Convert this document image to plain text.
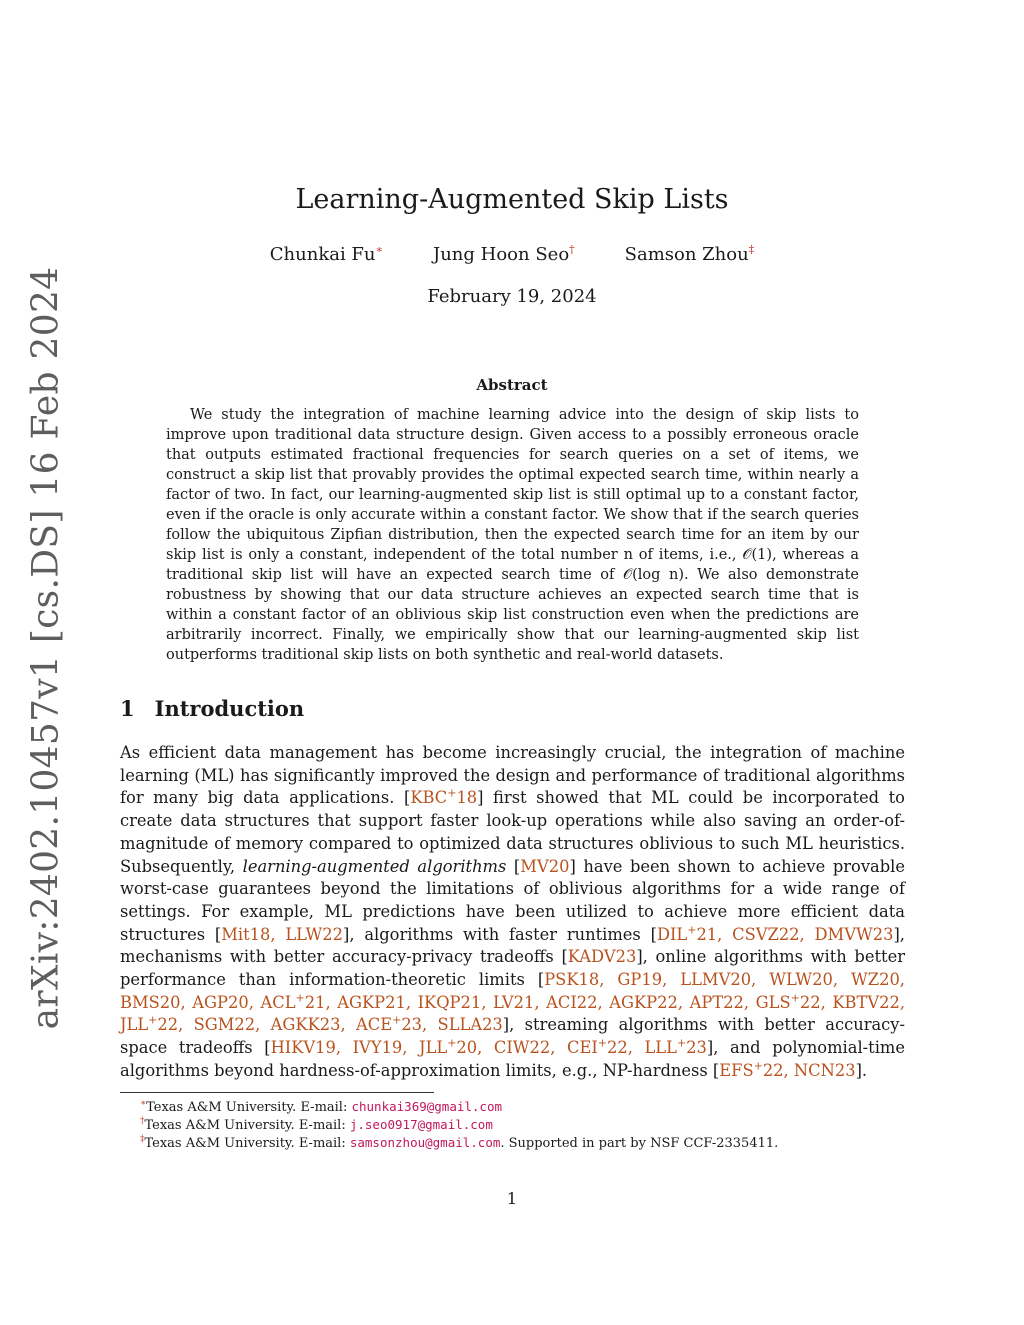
arXiv:2402.10457v1 [cs.DS] 16 Feb 2024
Learning-Augmented Skip Lists
Chunkai Fu∗	Jung Hoon Seo†	Samson Zhou‡
February 19, 2024
Abstract

We study the integration of machine learning advice into the design of skip lists to improve upon traditional data structure design. Given access to a possibly erroneous oracle that outputs estimated fractional frequencies for search queries on a set of items, we construct a skip list that provably provides the optimal expected search time, within nearly a factor of two. In fact, our learning-augmented skip list is still optimal up to a constant factor, even if the oracle is only accurate within a constant factor. We show that if the search queries follow the ubiquitous Zipfian distribution, then the expected search time for an item by our skip list is only a constant, independent of the total number n of items, i.e., 𝒪(1), whereas a traditional skip list will have an expected search time of 𝒪(log n). We also demonstrate robustness by showing that our data structure achieves an expected search time that is within a constant factor of an oblivious skip list construction even when the predictions are arbitrarily incorrect. Finally, we empirically show that our learning-augmented skip list outperforms traditional skip lists on both synthetic and real-world datasets.

1 Introduction

As efficient data management has become increasingly crucial, the integration of machine learning (ML) has significantly improved the design and performance of traditional algorithms for many big data applications. [KBC+18] first showed that ML could be incorporated to create data structures that support faster look-up operations while also saving an order-of-magnitude of memory compared to optimized data structures oblivious to such ML heuristics. Subsequently, learning-augmented algorithms [MV20] have been shown to achieve provable worst-case guarantees beyond the limitations of oblivious algorithms for a wide range of settings. For example, ML predictions have been utilized to achieve more efficient data structures [Mit18, LLW22], algorithms with faster runtimes [DIL+21, CSVZ22, DMVW23], mechanisms with better accuracy-privacy tradeoffs [KADV23], online algorithms with better performance than information-theoretic limits [PSK18, GP19, LLMV20, WLW20, WZ20, BMS20, AGP20, ACL+21, AGKP21, IKQP21, LV21, ACI22, AGKP22, APT22, GLS+22, KBTV22, JLL+22, SGM22, AGKK23, ACE+23, SLLA23], streaming algorithms with better accuracy-space tradeoffs [HIKV19, IVY19, JLL+20, CIW22, CEI+22, LLL+23], and polynomial-time algorithms beyond hardness-of-approximation limits, e.g., NP-hardness [EFS+22, NCN23].

∗Texas A&M University. E-mail: chunkai369@gmail.com
†Texas A&M University. E-mail: j.seo0917@gmail.com
‡Texas A&M University. E-mail: samsonzhou@gmail.com. Supported in part by NSF CCF-2335411.
1
